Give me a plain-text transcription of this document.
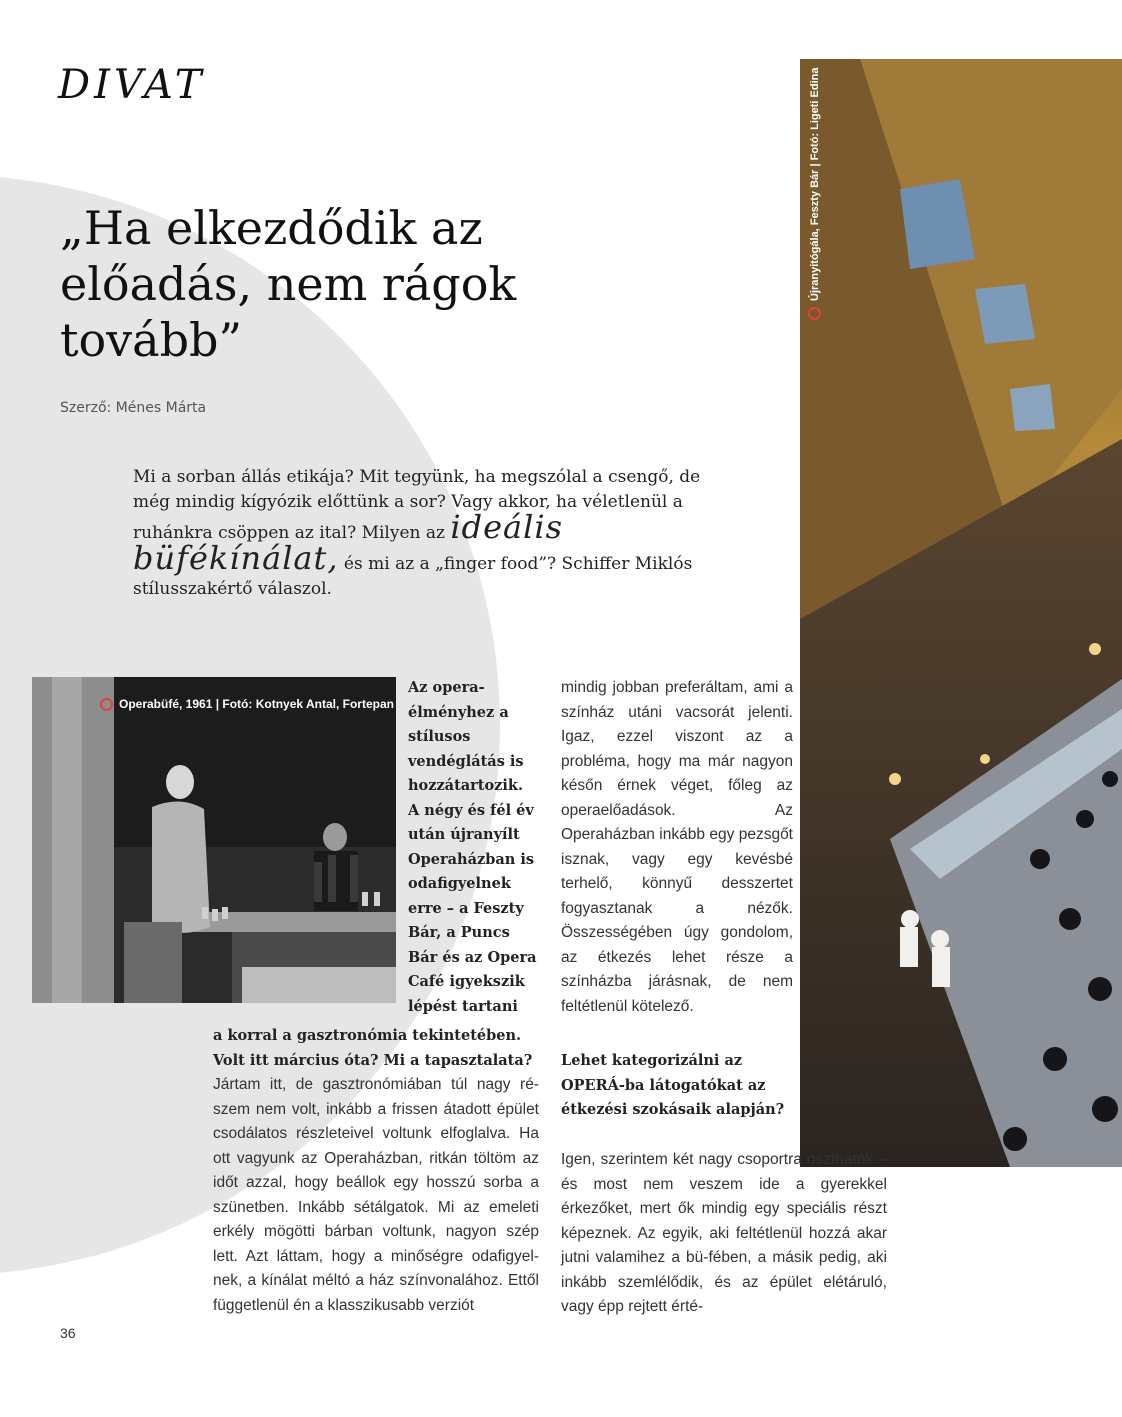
DIVAT
„Ha elkezdődik az előadás, nem rágok tovább”
Szerző: Ménes Márta
Mi a sorban állás etikája? Mit tegyünk, ha megszólal a csengő, de még mindig kígyózik előttünk a sor? Vagy akkor, ha véletlenül a ruhánkra csöppen az ital? Milyen az ideális büfékínálat, és mi az a „finger food”? Schiffer Miklós stílusszakértő válaszol.
Újranyitógála, Feszty Bár | Fotó: Ligeti Edina
Operabüfé, 1961 | Fotó: Kotnyek Antal, Fortepan
Az opera-élményhez a stílusos vendéglátás is hozzátartozik. A négy és fél év után újranyílt Operaházban is odafigyelnek erre – a Feszty Bár, a Puncs Bár és az Opera Café igyekszik lépést tartani
a korral a gasztronómia tekintetében. Volt itt március óta? Mi a tapasztalata?
Jártam itt, de gasztronómiában túl nagy ré-szem nem volt, inkább a frissen átadott épület csodálatos részleteivel voltunk elfoglalva. Ha ott vagyunk az Operaházban, ritkán töltöm az időt azzal, hogy beállok egy hosszú sorba a szünetben. Inkább sétálgatok. Mi az emeleti erkély mögötti bárban voltunk, nagyon szép lett. Azt láttam, hogy a minőségre odafigyel-nek, a kínálat méltó a ház színvonalához. Ettől függetlenül én a klasszikusabb verziót
mindig jobban preferáltam, ami a színház utáni vacsorát jelenti. Igaz, ezzel viszont az a probléma, hogy ma már nagyon későn érnek véget, főleg az operaelőadások. Az Operaházban inkább egy pezsgőt isznak, vagy egy kevésbé terhelő, könnyű desszertet fogyasztanak a nézők. Összességében úgy gondolom, az étkezés lehet része a színházba járásnak, de nem feltétlenül kötelező.
Lehet kategorizálni az OPERÁ-ba látogatókat az étkezési szokásaik alapján?
Igen, szerintem két nagy csoportra oszthatók – és most nem veszem ide a gyerekkel érkezőket, mert ők mindig egy speciális részt képeznek. Az egyik, aki feltétlenül hozzá akar jutni valamihez a bü-fében, a másik pedig, aki inkább szemlélődik, és az épület elétáruló, vagy épp rejtett érté-
36
